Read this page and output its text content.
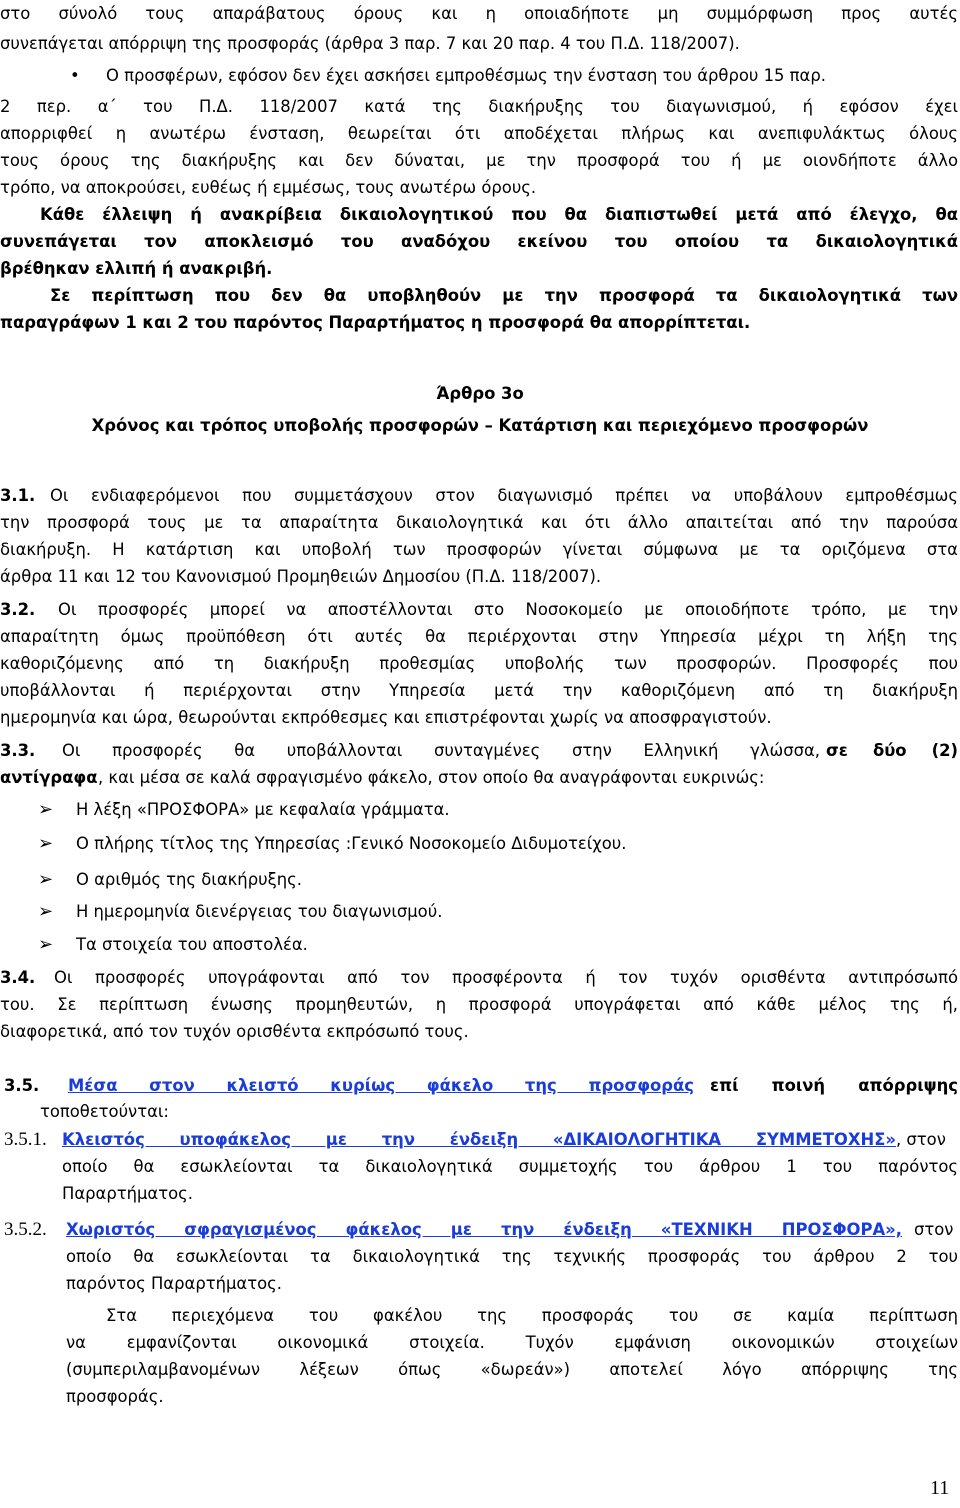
στο σύνολό τους απαράβατους όρους και η οποιαδήποτε μη συμμόρφωση προς αυτές
συνεπάγεται απόρριψη της προσφοράς (άρθρα 3 παρ. 7 και 20 παρ. 4 του Π.Δ. 118/2007).
• Ο προσφέρων, εφόσον δεν έχει ασκήσει εμπροθέσμως την ένσταση του άρθρου 15 παρ.
2 περ. α΄ του Π.Δ. 118/2007 κατά της διακήρυξης του διαγωνισμού, ή εφόσον έχει
απορριφθεί η ανωτέρω ένσταση, θεωρείται ότι αποδέχεται πλήρως και ανεπιφυλάκτως όλους
τους όρους της διακήρυξης και δεν δύναται, με την προσφορά του ή με οιονδήποτε άλλο
τρόπο, να αποκρούσει, ευθέως ή εμμέσως, τους ανωτέρω όρους.
Κάθε έλλειψη ή ανακρίβεια δικαιολογητικού που θα διαπιστωθεί μετά από έλεγχο, θα
συνεπάγεται τον αποκλεισμό του αναδόχου εκείνου του οποίου τα δικαιολογητικά
βρέθηκαν ελλιπή ή ανακριβή.
Σε περίπτωση που δεν θα υποβληθούν με την προσφορά τα δικαιολογητικά των
παραγράφων 1 και 2 του παρόντος Παραρτήματος η προσφορά θα απορρίπτεται.
Άρθρο 3ο
Χρόνος και τρόπος υποβολής προσφορών – Κατάρτιση και περιεχόμενο προσφορών
3.1. Οι ενδιαφερόμενοι που συμμετάσχουν στον διαγωνισμό πρέπει να υποβάλουν εμπροθέσμως
την προσφορά τους με τα απαραίτητα δικαιολογητικά και ότι άλλο απαιτείται από την παρούσα
διακήρυξη. Η κατάρτιση και υποβολή των προσφορών γίνεται σύμφωνα με τα οριζόμενα στα
άρθρα 11 και 12 του Κανονισμού Προμηθειών Δημοσίου (Π.Δ. 118/2007).
3.2. Οι προσφορές μπορεί να αποστέλλονται στο Νοσοκομείο με οποιοδήποτε τρόπο, με την
απαραίτητη όμως προϋπόθεση ότι αυτές θα περιέρχονται στην Υπηρεσία μέχρι τη λήξη της
καθοριζόμενης από τη διακήρυξη προθεσμίας υποβολής των προσφορών. Προσφορές που
υποβάλλονται ή περιέρχονται στην Υπηρεσία μετά την καθοριζόμενη από τη διακήρυξη
ημερομηνία και ώρα, θεωρούνται εκπρόθεσμες και επιστρέφονται χωρίς να αποσφραγιστούν.
3.3. Οι προσφορές θα υποβάλλονται συνταγμένες στην Ελληνική γλώσσα, σε δύο (2)
αντίγραφα , και μέσα σε καλά σφραγισμένο φάκελο, στον οποίο θα αναγράφονται ευκρινώς:
➢ Η λέξη «ΠΡΟΣΦΟΡΑ» με κεφαλαία γράμματα.
➢ Ο πλήρης τίτλος της Υπηρεσίας :Γενικό Νοσοκομείο Διδυμοτείχου.
➢ Ο αριθμός της διακήρυξης.
➢ Η ημερομηνία διενέργειας του διαγωνισμού.
➢ Τα στοιχεία του αποστολέα.
3.4. Οι προσφορές υπογράφονται από τον προσφέροντα ή τον τυχόν ορισθέντα αντιπρόσωπό
του. Σε περίπτωση ένωσης προμηθευτών, η προσφορά υπογράφεται από κάθε μέλος της ή,
διαφορετικά, από τον τυχόν ορισθέντα εκπρόσωπό τους.
3.5. Μέσα στον κλειστό κυρίως φάκελο της προσφοράς επί ποινή απόρριψης
τοποθετούνται:
3.5.1. Κλειστός υποφάκελος με την ένδειξη «ΔΙΚΑΙΟΛΟΓΗΤΙΚΑ ΣΥΜΜΕΤΟΧΗΣ» , στον
οποίο θα εσωκλείονται τα δικαιολογητικά συμμετοχής του άρθρου 1 του παρόντος
Παραρτήματος.
3.5.2. Χωριστός σφραγισμένος φάκελος με την ένδειξη «ΤΕΧΝΙΚΗ ΠΡΟΣΦΟΡΑ», στον
οποίο θα εσωκλείονται τα δικαιολογητικά της τεχνικής προσφοράς του άρθρου 2 του
παρόντος Παραρτήματος.
Στα περιεχόμενα του φακέλου της προσφοράς του σε καμία περίπτωση
να εμφανίζονται οικονομικά στοιχεία. Τυχόν εμφάνιση οικονομικών στοιχείων
(συμπεριλαμβανομένων λέξεων όπως «δωρεάν») αποτελεί λόγο απόρριψης της
προσφοράς.
11
